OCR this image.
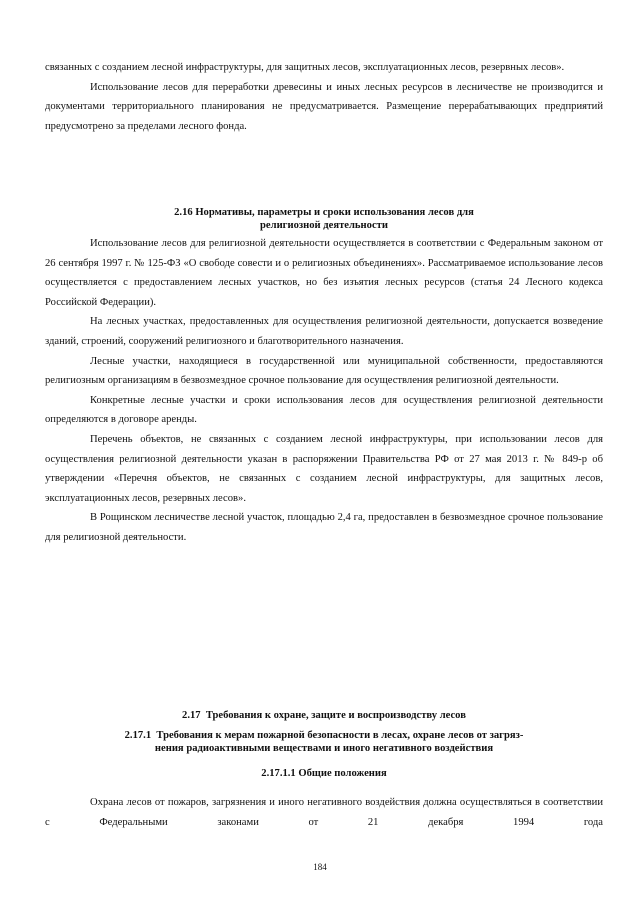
связанных с созданием лесной инфраструктуры, для защитных лесов, эксплуатационных лесов, резервных лесов».

Использование лесов для переработки древесины и иных лесных ресурсов в лесничестве не производится и документами территориального планирования не предусматривается. Размещение перерабатывающих предприятий предусмотрено за пределами лесного фонда.

2.16 Нормативы, параметры и сроки использования лесов для

религиозной деятельности

Использование лесов для религиозной деятельности осуществляется в соответствии с Федеральным законом от 26 сентября 1997 г. № 125-ФЗ «О свободе совести и о религиозных объединениях». Рассматриваемое использование лесов осуществляется с предоставлением лесных участков, но без изъятия лесных ресурсов (статья 24 Лесного кодекса Российской Федерации).

На лесных участках, предоставленных для осуществления религиозной деятельности, допускается возведение зданий, строений, сооружений религиозного и благотворительного назначения.

Лесные участки, находящиеся в государственной или муниципальной собственности, предоставляются религиозным организациям в безвозмездное срочное пользование для осуществления религиозной деятельности.

Конкретные лесные участки и сроки использования лесов для осуществления религиозной деятельности определяются в договоре аренды.

Перечень объектов, не связанных с созданием лесной инфраструктуры, при использовании лесов для осуществления религиозной деятельности указан в распоряжении Правительства РФ от 27 мая 2013 г. № 849-р об утверждении «Перечня объектов, не связанных с созданием лесной инфраструктуры, для защитных лесов, эксплуатационных лесов, резервных лесов».

В Рощинском лесничестве лесной участок, площадью 2,4 га, предоставлен в безвозмездное срочное пользование для религиозной деятельности.

2.17  Требования к охране, защите и воспроизводству лесов

2.17.1  Требования к мерам пожарной безопасности в лесах, охране лесов от загряз-

нения радиоактивными веществами и иного негативного воздействия

2.17.1.1 Общие положения

Охрана лесов от пожаров, загрязнения и иного негативного воздействия должна осуществляться в соответствии с Федеральными законами от 21 декабря 1994 года

184
